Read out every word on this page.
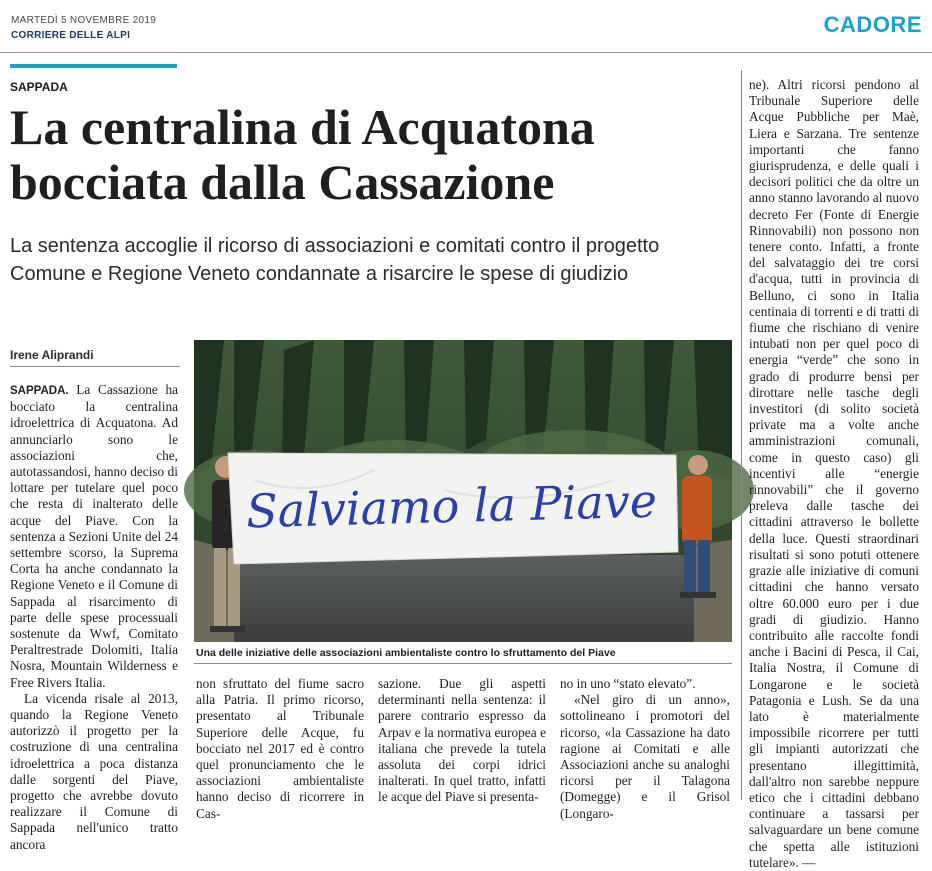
MARTEDÌ 5 NOVEMBRE 2019
CORRIERE DELLE ALPI	CADORE
SAPPADA
La centralina di Acquatona
bocciata dalla Cassazione
La sentenza accoglie il ricorso di associazioni e comitati contro il progetto
Comune e Regione Veneto condannate a risarcire le spese di giudizio
Irene Aliprandi

SAPPADA. La Cassazione ha bocciato la centralina idroelettrica di Acquatona. Ad annunciarlo sono le associazioni che, autotassandosi, hanno deciso di lottare per tutelare quel poco che resta di inalterato delle acque del Piave. Con la sentenza a Sezioni Unite del 24 settembre scorso, la Suprema Corta ha anche condannato la Regione Veneto e il Comune di Sappada al risarcimento di parte delle spese processuali sostenute da Wwf, Comitato Peraltrestrade Dolomiti, Italia Nosra, Mountain Wilderness e Free Rivers Italia.

La vicenda risale al 2013, quando la Regione Veneto autorizzò il progetto per la costruzione di una centralina idroelettrica a poca distanza dalle sorgenti del Piave, progetto che avrebbe dovuto realizzare il Comune di Sappada nell'unico tratto ancora

Salviamo la Piave
Una delle iniziative delle associazioni ambientaliste contro lo sfruttamento del Piave

non sfruttato del fiume sacro alla Patria. Il primo ricorso, presentato al Tribunale Superiore delle Acque, fu bocciato nel 2017 ed è contro quel pronunciamento che le associazioni ambientaliste hanno deciso di ricorrere in Cas-

sazione. Due gli aspetti determinanti nella sentenza: il parere contrario espresso da Arpav e la normativa europea e italiana che prevede la tutela assoluta dei corpi idrici inalterati. In quel tratto, infatti le acque del Piave si presenta-

no in uno “stato elevato”.

«Nel giro di un anno», sottolineano i promotori del ricorso, «la Cassazione ha dato ragione ai Comitati e alle Associazioni anche su analoghi ricorsi per il Talagona (Domegge) e il Grisol (Longaro-

ne). Altri ricorsi pendono al Tribunale Superiore delle Acque Pubbliche per Maè, Liera e Sarzana. Tre sentenze importanti che fanno giurisprudenza, e delle quali i decisori politici che da oltre un anno stanno lavorando al nuovo decreto Fer (Fonte di Energie Rinnovabili) non possono non tenere conto. Infatti, a fronte del salvataggio dei tre corsi d'acqua, tutti in provincia di Belluno, ci sono in Italia centinaia di torrenti e di tratti di fiume che rischiano di venire intubati non per quel poco di energia “verde” che sono in grado di produrre bensì per dirottare nelle tasche degli investitori (di solito società private ma a volte anche amministrazioni comunali, come in questo caso) gli incentivi alle “energie rinnovabili” che il governo preleva dalle tasche dei cittadini attraverso le bollette della luce. Questi straordinari risultati si sono potuti ottenere grazie alle iniziative di comuni cittadini che hanno versato oltre 60.000 euro per i due gradi di giudizio. Hanno contribuito alle raccolte fondi anche i Bacini di Pesca, il Cai, Italia Nostra, il Comune di Longarone e le società Patagonia e Lush. Se da una lato è materialmente impossibile ricorrere per tutti gli impianti autorizzati che presentano illegittimità, dall'altro non sarebbe neppure etico che i cittadini debbano continuare a tassarsi per salvaguardare un bene comune che spetta alle istituzioni tutelare». —
